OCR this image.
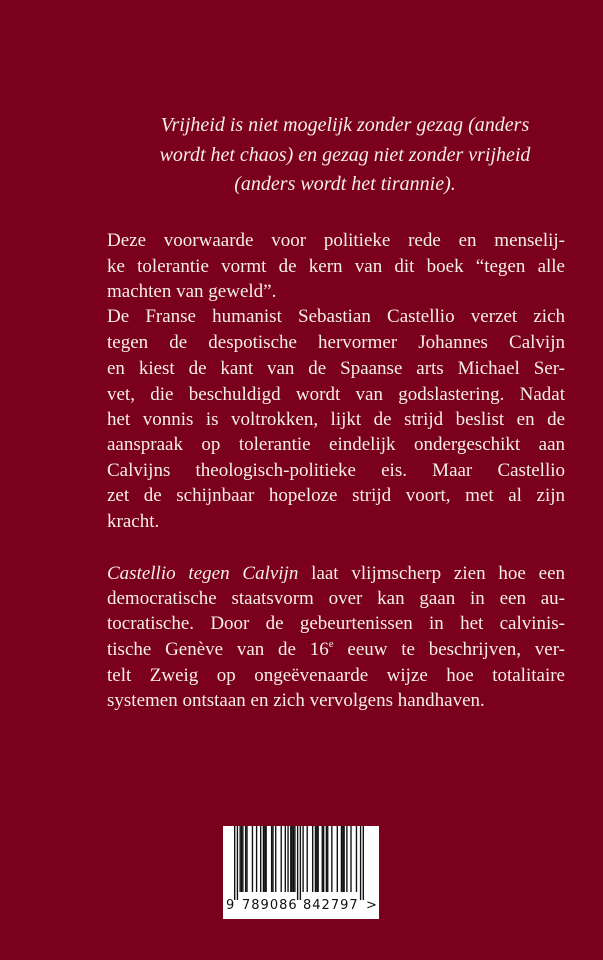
Vrijheid is niet mogelijk zonder gezag (anders
wordt het chaos) en gezag niet zonder vrijheid
(anders wordt het tirannie).
Deze voorwaarde voor politieke rede en menselij-
ke tolerantie vormt de kern van dit boek “tegen alle
machten van geweld”.
De Franse humanist Sebastian Castellio verzet zich
tegen de despotische hervormer Johannes Calvijn
en kiest de kant van de Spaanse arts Michael Ser-
vet, die beschuldigd wordt van godslastering. Nadat
het vonnis is voltrokken, lijkt de strijd beslist en de
aanspraak op tolerantie eindelijk ondergeschikt aan
Calvijns theologisch-politieke eis. Maar Castellio
zet de schijnbaar hopeloze strijd voort, met al zijn
kracht.
Castellio tegen Calvijn laat vlijmscherp zien hoe een
democratische staatsvorm over kan gaan in een au-
tocratische. Door de gebeurtenissen in het calvinis-
tische Genève van de 16e eeuw te beschrijven, ver-
telt Zweig op ongeëvenaarde wijze hoe totalitaire
systemen ontstaan en zich vervolgens handhaven.
9 789086 842797 >
